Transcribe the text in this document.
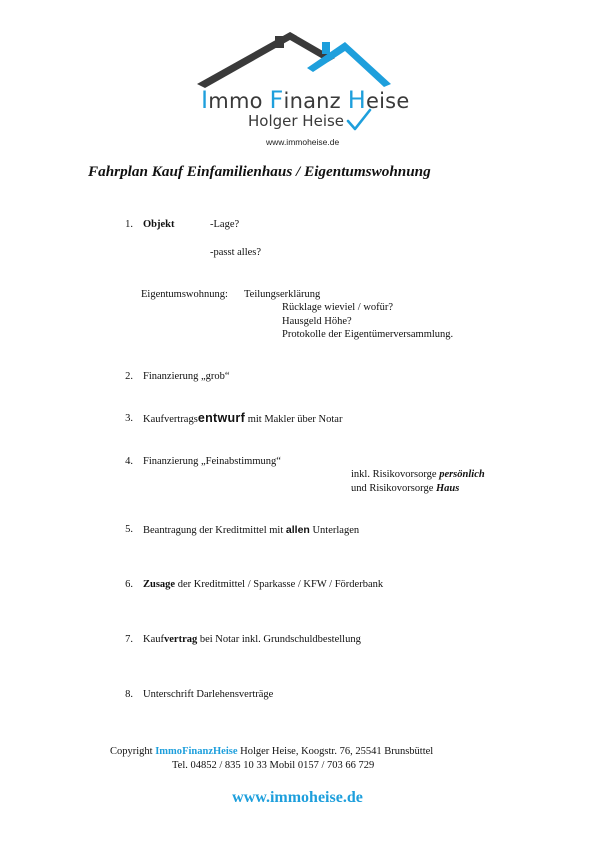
Immo Finanz Heise
Holger Heise
www.immoheise.de
Fahrplan Kauf Einfamilienhaus / Eigentumswohnung
1. Objekt	-Lage?
-passt alles?
Eigentumswohnung: Teilungserklärung
Rücklage wieviel / wofür?
Hausgeld Höhe?
Protokolle der Eigentümerversammlung.
2. Finanzierung „grob“
3. Kaufvertragsentwurf mit Makler über Notar
4. Finanzierung „Feinabstimmung“
inkl. Risikovorsorge persönlich
und Risikovorsorge Haus
5. Beantragung der Kreditmittel mit allen Unterlagen
6. Zusage der Kreditmittel / Sparkasse / KFW / Förderbank
7. Kaufvertrag bei Notar inkl. Grundschuldbestellung
8. Unterschrift Darlehensverträge
Copyright ImmoFinanzHeise Holger Heise, Koogstr. 76, 25541 Brunsbüttel
Tel. 04852 / 835 10 33 Mobil 0157 / 703 66 729
www.immoheise.de
